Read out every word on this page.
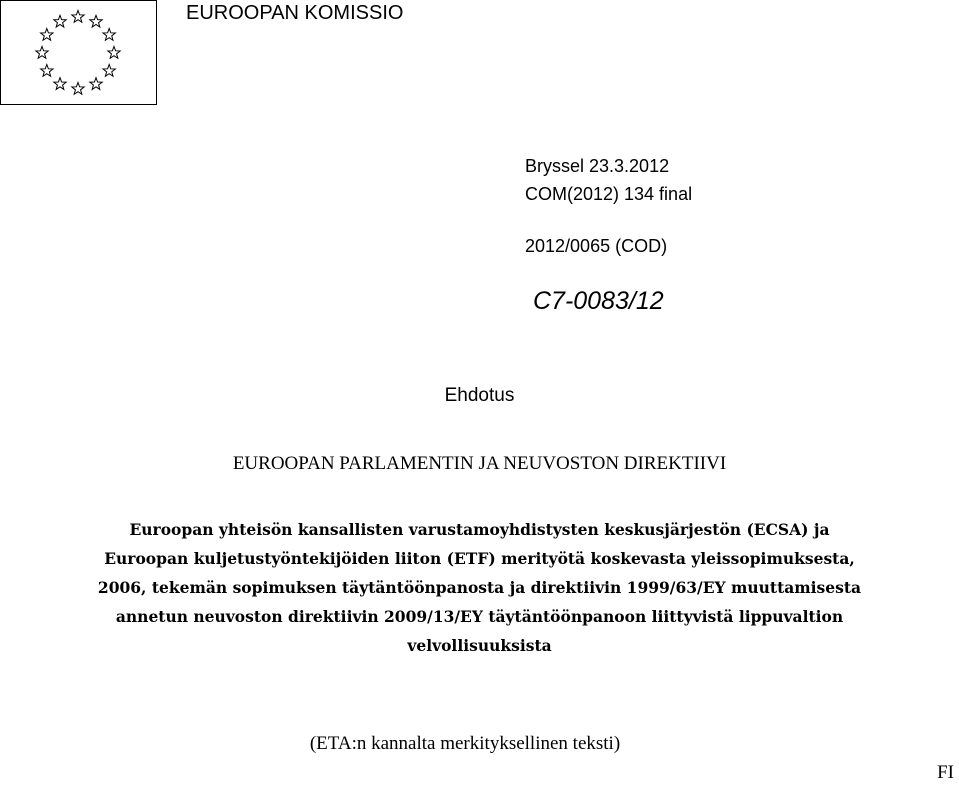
EUROOPAN KOMISSIO
Bryssel 23.3.2012
COM(2012) 134 final
2012/0065 (COD)
C7-0083/12
Ehdotus
EUROOPAN PARLAMENTIN JA NEUVOSTON DIREKTIIVI
Euroopan yhteisön kansallisten varustamoyhdistysten keskusjärjestön (ECSA) ja
Euroopan kuljetustyöntekijöiden liiton (ETF) merityötä koskevasta yleissopimuksesta,
2006, tekemän sopimuksen täytäntöönpanosta ja direktiivin 1999/63/EY muuttamisesta
annetun neuvoston direktiivin 2009/13/EY täytäntöönpanoon liittyvistä lippuvaltion
velvollisuuksista
(ETA:n kannalta merkityksellinen teksti)
FI
